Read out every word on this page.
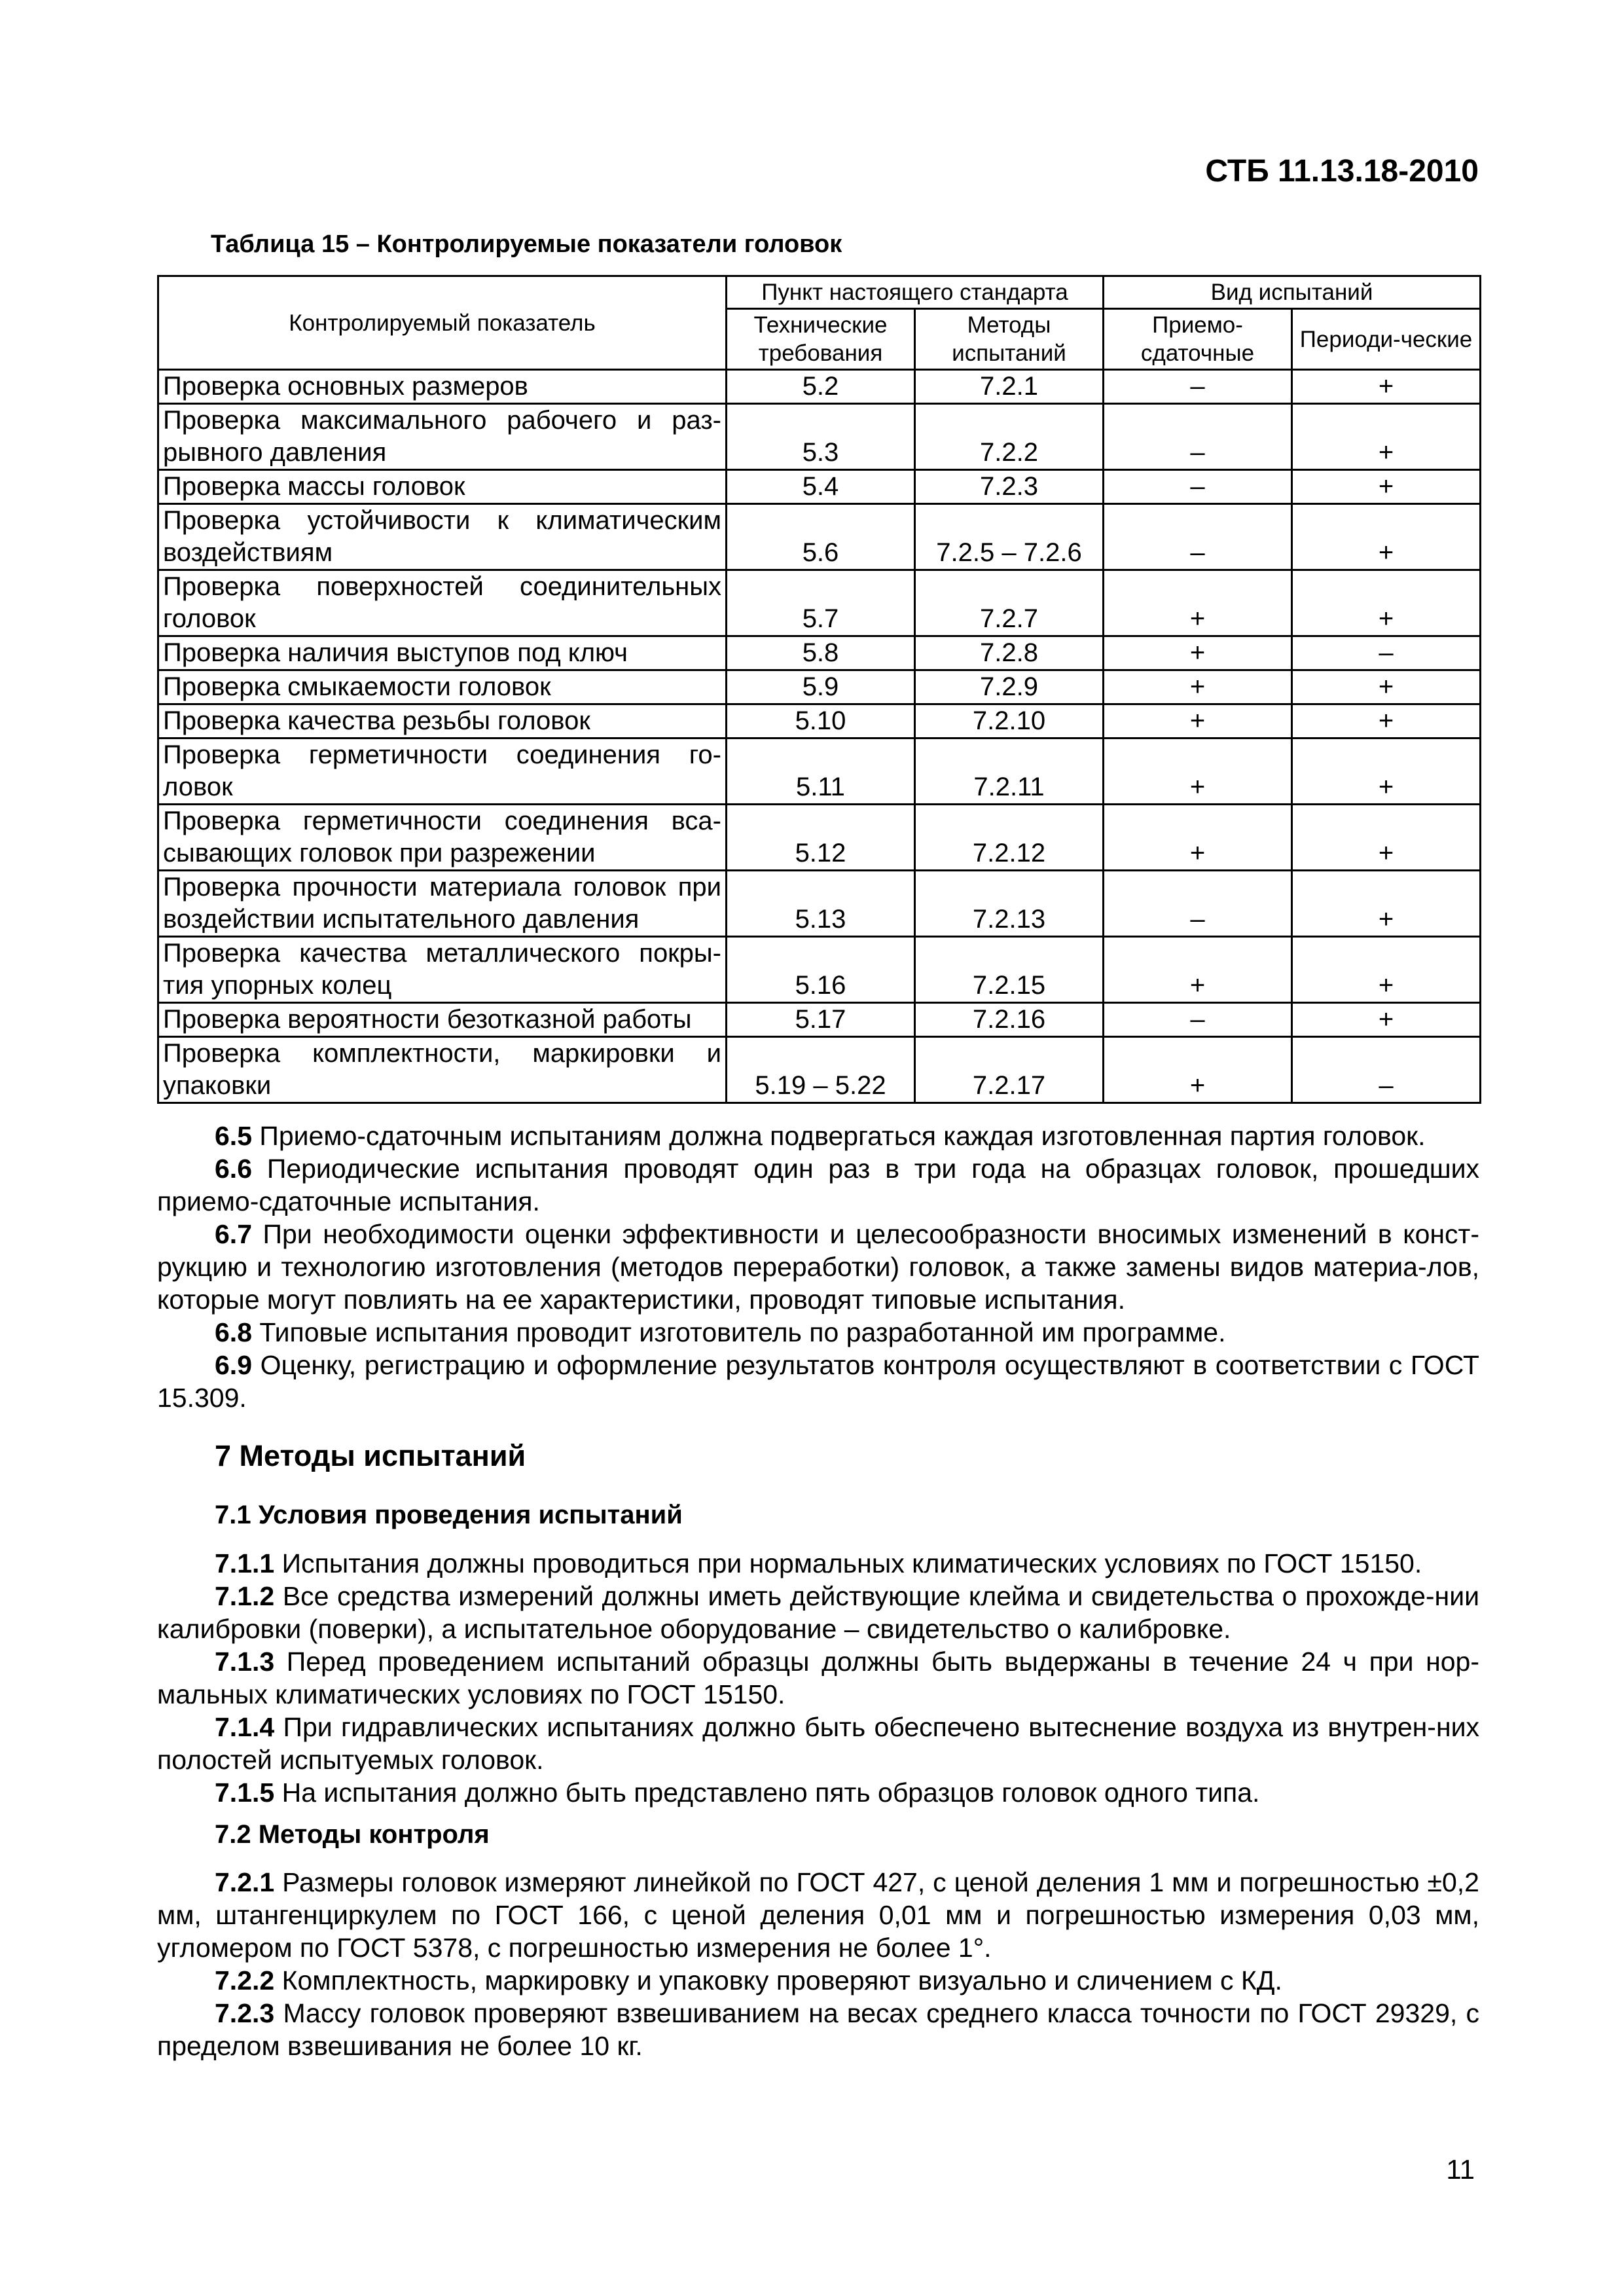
СТБ 11.13.18-2010
Таблица 15 – Контролируемые показатели головок
Контролируемый показатель	Пункт настоящего стандарта		Вид испытаний	
	Технические требования	Методы испытаний	Приемо-сдаточные	Периоди-ческие
Проверка основных размеров	5.2	7.2.1	–	+
Проверка максимального рабочего и раз-рывного давления	5.3	7.2.2	–	+
Проверка массы головок	5.4	7.2.3	–	+
Проверка устойчивости к климатическим воздействиям	5.6	7.2.5 – 7.2.6	–	+
Проверка поверхностей соединительных головок	5.7	7.2.7	+	+
Проверка наличия выступов под ключ	5.8	7.2.8	+	–
Проверка смыкаемости головок	5.9	7.2.9	+	+
Проверка качества резьбы головок	5.10	7.2.10	+	+
Проверка герметичности соединения го-ловок	5.11	7.2.11	+	+
Проверка герметичности соединения вса-сывающих головок при разрежении	5.12	7.2.12	+	+
Проверка прочности материала головок при воздействии испытательного давления	5.13	7.2.13	–	+
Проверка качества металлического покры-тия упорных колец	5.16	7.2.15	+	+
Проверка вероятности безотказной работы	5.17	7.2.16	–	+
Проверка комплектности, маркировки и упаковки	5.19 – 5.22	7.2.17	+	–

6.5 Приемо-сдаточным испытаниям должна подвергаться каждая изготовленная партия головок.

6.6 Периодические испытания проводят один раз в три года на образцах головок, прошедших приемо-сдаточные испытания.

6.7 При необходимости оценки эффективности и целесообразности вносимых изменений в конст-рукцию и технологию изготовления (методов переработки) головок, а также замены видов материа-лов, которые могут повлиять на ее характеристики, проводят типовые испытания.

6.8 Типовые испытания проводит изготовитель по разработанной им программе.

6.9 Оценку, регистрацию и оформление результатов контроля осуществляют в соответствии с ГОСТ 15.309.

7 Методы испытаний
7.1 Условия проведения испытаний

7.1.1 Испытания должны проводиться при нормальных климатических условиях по ГОСТ 15150.

7.1.2 Все средства измерений должны иметь действующие клейма и свидетельства о прохожде-нии калибровки (поверки), а испытательное оборудование – свидетельство о калибровке.

7.1.3 Перед проведением испытаний образцы должны быть выдержаны в течение 24 ч при нор-мальных климатических условиях по ГОСТ 15150.

7.1.4 При гидравлических испытаниях должно быть обеспечено вытеснение воздуха из внутрен-них полостей испытуемых головок.

7.1.5 На испытания должно быть представлено пять образцов головок одного типа.

7.2 Методы контроля

7.2.1 Размеры головок измеряют линейкой по ГОСТ 427, с ценой деления 1 мм и погрешностью ±0,2 мм, штангенциркулем по ГОСТ 166, с ценой деления 0,01 мм и погрешностью измерения 0,03 мм, угломером по ГОСТ 5378, с погрешностью измерения не более 1°.

7.2.2 Комплектность, маркировку и упаковку проверяют визуально и сличением с КД.

7.2.3 Массу головок проверяют взвешиванием на весах среднего класса точности по ГОСТ 29329, с пределом взвешивания не более 10 кг.

11
